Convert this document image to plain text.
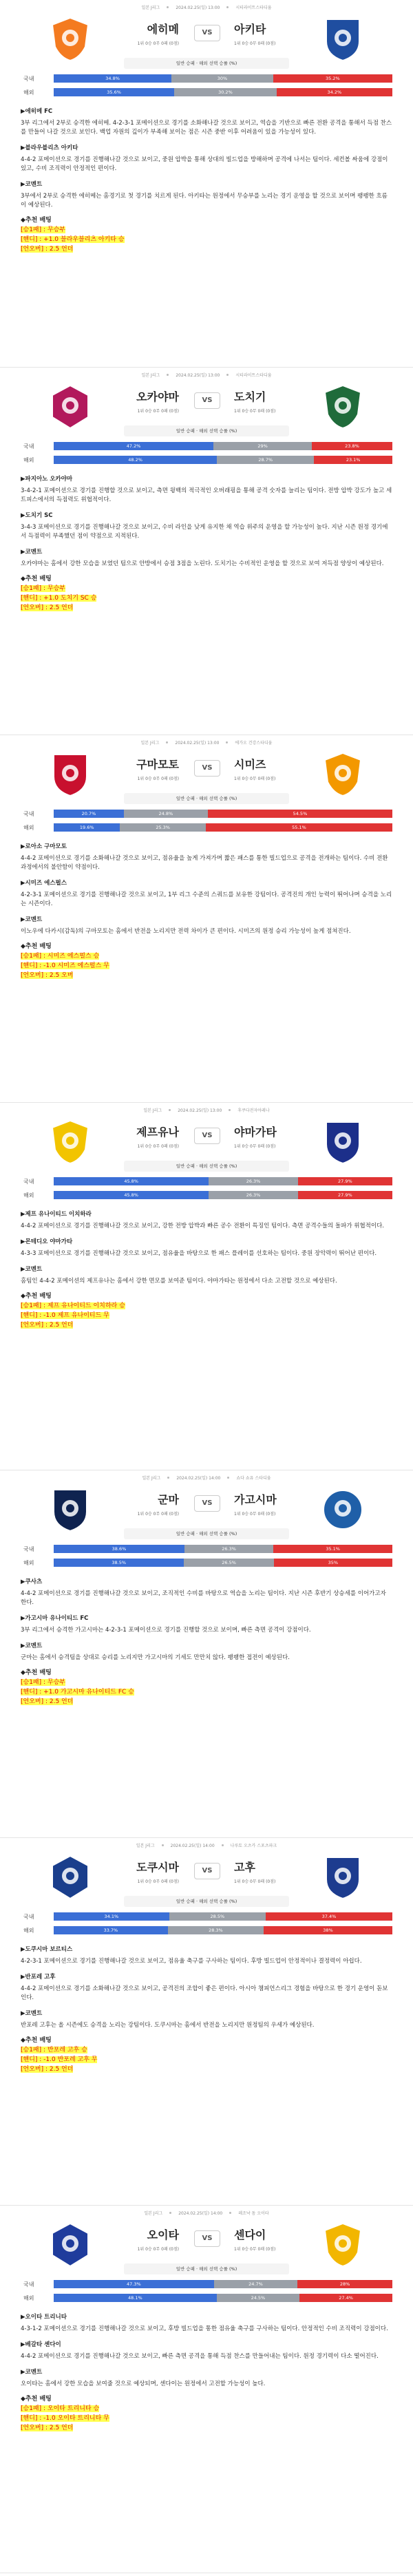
일본 J리그	2024.02.25(일) 13:00	시티라이트스타디움
에히메	아키타
VS
1위 0승 0무 0패 (0점)	1위 0승 0무 0패 (0점)
일반 승패 · 해외 선택 승률 (%)
국내	34.8%	30%	35.2%
해외	35.6%	30.2%	34.2%
▶에히메 FC
3부 리그에서 2부로 승격한 에히메. 4-2-3-1 포메이션으로 경기를 소화해나갈 것으로 보이고, 역습을 기반으로 빠른 전환 공격을 통해서 득점 찬스를 만들어 나갈 것으로 보인다. 백업 자원의 깊이가 부족해 보이는 점은 시즌 중반 이후 어려움이 있을 가능성이 있다.
▶블라우블리츠 아키타
4-4-2 포메이션으로 경기를 진행해나갈 것으로 보이고, 중원 압박을 통해 상대의 빌드업을 방해하며 공격에 나서는 팀이다. 세컨볼 싸움에 강점이 있고, 수비 조직력이 안정적인 편이다.
▶코멘트
3부에서 2부로 승격한 에히메는 홈경기로 첫 경기를 치르게 된다. 아키타는 원정에서 무승부를 노리는 경기 운영을 할 것으로 보이며 팽팽한 흐름이 예상된다.
◆추천 배팅
[승1패] : 무승부
[핸디] : +1.0 블라우블리츠 아키타 승
[언오버] : 2.5 언더
일본 J리그	2024.02.25(일) 13:00	시티라이트스타디움
오카야마	도치기
VS
1위 0승 0무 0패 (0점)	1위 0승 0무 0패 (0점)
일반 승패 · 해외 선택 승률 (%)
국내	47.2%	29%	23.8%
해외	48.2%	28.7%	23.1%
▶파지아노 오카야마
3-4-2-1 포메이션으로 경기를 진행할 것으로 보이고, 측면 윙백의 적극적인 오버래핑을 통해 공격 숫자를 늘리는 팀이다. 전방 압박 강도가 높고 세트피스에서의 득점력도 위협적이다.
▶도치기 SC
3-4-3 포메이션으로 경기를 진행해나갈 것으로 보이고, 수비 라인을 낮게 유지한 채 역습 위주의 운영을 할 가능성이 높다. 지난 시즌 원정 경기에서 득점력이 부족했던 점이 약점으로 지적된다.
▶코멘트
오카야마는 홈에서 강한 모습을 보였던 팀으로 안방에서 승점 3점을 노린다. 도치기는 수비적인 운영을 할 것으로 보여 저득점 양상이 예상된다.
◆추천 배팅
[승1패] : 무승부
[핸디] : +1.0 도치기 SC 승
[언오버] : 2.5 언더
일본 J리그	2024.02.25(일) 13:00	에가오 건강스타디움
구마모토	시미즈
VS
1위 0승 0무 0패 (0점)	1위 0승 0무 0패 (0점)
일반 승패 · 해외 선택 승률 (%)
국내	20.7%	24.8%	54.5%
해외	19.6%	25.3%	55.1%
▶로아소 구마모토
4-4-2 포메이션으로 경기를 소화해나갈 것으로 보이고, 점유율을 높게 가져가며 짧은 패스를 통한 빌드업으로 공격을 전개하는 팀이다. 수비 전환 과정에서의 불안함이 약점이다.
▶시미즈 에스펄스
4-2-3-1 포메이션으로 경기를 진행해나갈 것으로 보이고, 1부 리그 수준의 스쿼드를 보유한 강팀이다. 공격진의 개인 능력이 뛰어나며 승격을 노리는 시즌이다.
▶코멘트
이노우에 다카시(감독)의 구마모토는 홈에서 반전을 노리지만 전력 차이가 큰 편이다. 시미즈의 원정 승리 가능성이 높게 점쳐진다.
◆추천 배팅
[승1패] : 시미즈 에스펄스 승
[핸디] : -1.0 시미즈 에스펄스 무
[언오버] : 2.5 오버
일본 J리그	2024.02.25(일) 13:00	후쿠다전자아레나
제프유나	야마가타
VS
1위 0승 0무 0패 (0점)	1위 0승 0무 0패 (0점)
일반 승패 · 해외 선택 승률 (%)
국내	45.8%	26.3%	27.9%
해외	45.8%	26.3%	27.9%
▶제프 유나이티드 이치하라
4-4-2 포메이션으로 경기를 진행해나갈 것으로 보이고, 강한 전방 압박과 빠른 공수 전환이 특징인 팀이다. 측면 공격수들의 돌파가 위협적이다.
▶몬테디오 야마가타
4-3-3 포메이션으로 경기를 진행해나갈 것으로 보이고, 점유율을 바탕으로 한 패스 플레이를 선호하는 팀이다. 중원 장악력이 뛰어난 편이다.
▶코멘트
홈팀인 4-4-2 포메이션의 제프유나는 홈에서 강한 면모를 보여준 팀이다. 야마가타는 원정에서 다소 고전할 것으로 예상된다.
◆추천 배팅
[승1패] : 제프 유나이티드 이치하라 승
[핸디] : -1.0 제프 유나이티드 무
[언오버] : 2.5 언더
일본 J리그	2024.02.25(일) 14:00	쇼다 쇼유 스타디움
군마	가고시마
VS
1위 0승 0무 0패 (0점)	1위 0승 0무 0패 (0점)
일반 승패 · 해외 선택 승률 (%)
국내	38.6%	26.3%	35.1%
해외	38.5%	26.5%	35%
▶쿠사츠
4-4-2 포메이션으로 경기를 진행해나갈 것으로 보이고, 조직적인 수비를 바탕으로 역습을 노리는 팀이다. 지난 시즌 후반기 상승세를 이어가고자 한다.
▶가고시마 유나이티드 FC
3부 리그에서 승격한 가고시마는 4-2-3-1 포메이션으로 경기를 진행할 것으로 보이며, 빠른 측면 공격이 강점이다.
▶코멘트
군마는 홈에서 승격팀을 상대로 승리를 노리지만 가고시마의 기세도 만만치 않다. 팽팽한 접전이 예상된다.
◆추천 배팅
[승1패] : 무승부
[핸디] : +1.0 가고시마 유나이티드 FC 승
[언오버] : 2.5 언더
일본 J리그	2024.02.25(일) 14:00	나루토 오츠카 스포츠파크
도쿠시마	고후
VS
1위 0승 0무 0패 (0점)	1위 0승 0무 0패 (0점)
일반 승패 · 해외 선택 승률 (%)
국내	34.1%	28.5%	37.4%
해외	33.7%	28.3%	38%
▶도쿠시마 보르티스
4-2-3-1 포메이션으로 경기를 진행해나갈 것으로 보이고, 점유율 축구를 구사하는 팀이다. 후방 빌드업이 안정적이나 결정력이 아쉽다.
▶반포레 고후
4-4-2 포메이션으로 경기를 소화해나갈 것으로 보이고, 공격진의 조합이 좋은 편이다. 아시아 챔피언스리그 경험을 바탕으로 한 경기 운영이 돋보인다.
▶코멘트
반포레 고후는 올 시즌에도 승격을 노리는 강팀이다. 도쿠시마는 홈에서 반전을 노리지만 원정팀의 우세가 예상된다.
◆추천 배팅
[승1패] : 반포레 고후 승
[핸디] : -1.0 반포레 고후 무
[언오버] : 2.5 언더
일본 J리그	2024.02.25(일) 14:00	레조낙 돔 오이타
오이타	센다이
VS
1위 0승 0무 0패 (0점)	1위 0승 0무 0패 (0점)
일반 승패 · 해외 선택 승률 (%)
국내	47.3%	24.7%	28%
해외	48.1%	24.5%	27.4%
▶오이타 트리니타
4-3-1-2 포메이션으로 경기를 진행해나갈 것으로 보이고, 후방 빌드업을 통한 점유율 축구를 구사하는 팀이다. 안정적인 수비 조직력이 강점이다.
▶베갈타 센다이
4-4-2 포메이션으로 경기를 진행해나갈 것으로 보이고, 빠른 측면 공격을 통해 득점 찬스를 만들어내는 팀이다. 원정 경기력이 다소 떨어진다.
▶코멘트
오이타는 홈에서 강한 모습을 보여줄 것으로 예상되며, 센다이는 원정에서 고전할 가능성이 높다.
◆추천 배팅
[승1패] : 오이타 트리니타 승
[핸디] : -1.0 오이타 트리니타 무
[언오버] : 2.5 언더
